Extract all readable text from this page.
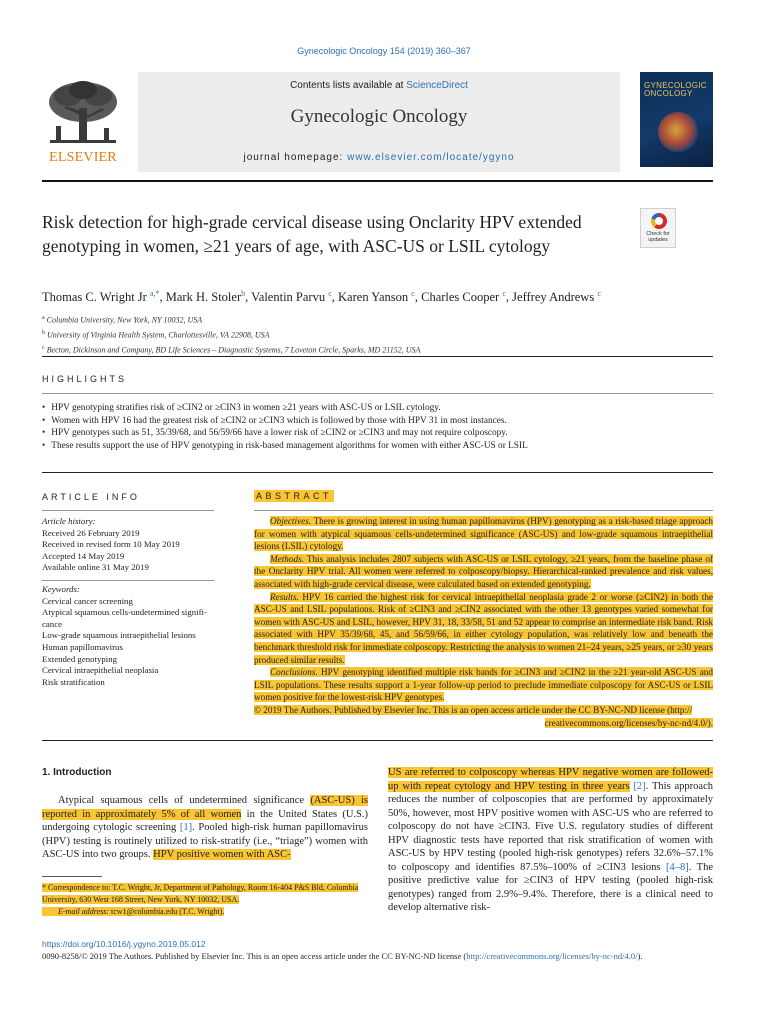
Gynecologic Oncology 154 (2019) 360–367
Contents lists available at ScienceDirect
Gynecologic Oncology
journal homepage: www.elsevier.com/locate/ygyno
ELSEVIER
GYNECOLOGIC ONCOLOGY
Risk detection for high-grade cervical disease using Onclarity HPV extended genotyping in women, ≥21 years of age, with ASC-US or LSIL cytology
Check for updates
Thomas C. Wright Jr $^{a,*}$, Mark H. Stoler$^b$, Valentin Parvu $^c$, Karen Yanson $^c$, Charles Cooper $^c$, Jeffrey Andrews $^c$
$^a$ Columbia University, New York, NY 10032, USA
$^b$ University of Virginia Health System, Charlottesville, VA 22908, USA
$^c$ Becton, Dickinson and Company, BD Life Sciences – Diagnostic Systems, 7 Loveton Circle, Sparks, MD 21152, USA
HIGHLIGHTS
• HPV genotyping stratifies risk of ≥CIN2 or ≥CIN3 in women ≥21 years with ASC-US or LSIL cytology.
• Women with HPV 16 had the greatest risk of ≥CIN2 or ≥CIN3 which is followed by those with HPV 31 in most instances.
• HPV genotypes such as 51, 35/39/68, and 56/59/66 have a lower risk of ≥CIN2 or ≥CIN3 and may not require colposcopy.
• These results support the use of HPV genotyping in risk-based management algorithms for women with either ASC-US or LSIL
ARTICLE INFO
Article history:
Received 26 February 2019
Received in revised form 10 May 2019
Accepted 14 May 2019
Available online 31 May 2019
Keywords:
Cervical cancer screening
Atypical squamous cells-undetermined signifi-cance
Low-grade squamous intraepithelial lesions
Human papillomavirus
Extended genotyping
Cervical intraepithelial neoplasia
Risk stratification
ABSTRACT

Objectives. There is growing interest in using human papillomavirus (HPV) genotyping as a risk-based triage approach for women with atypical squamous cells-undetermined significance (ASC-US) and low-grade squamous intraepithelial lesions (LSIL) cytology.

Methods. This analysis includes 2807 subjects with ASC-US or LSIL cytology, ≥21 years, from the baseline phase of the Onclarity HPV trial. All women were referred to colposcopy/biopsy. Hierarchical-ranked prevalence and risk values, associated with high-grade cervical disease, were calculated based on extended genotyping.

Results. HPV 16 carried the highest risk for cervical intraepithelial neoplasia grade 2 or worse (≥CIN2) in both the ASC-US and LSIL populations. Risk of ≥CIN3 and ≥CIN2 associated with the other 13 genotypes varied somewhat for women with ASC-US and LSIL, however, HPV 31, 18, 33/58, 51 and 52 appear to comprise an intermediate risk band. Risk associated with HPV 35/39/68, 45, and 56/59/66, in either cytology population, was relatively low and beneath the benchmark threshold risk for immediate colposcopy. Restricting the analysis to women 21–24 years, ≥25 years, or ≥30 years produced similar results.

Conclusions. HPV genotyping identified multiple risk bands for ≥CIN3 and ≥CIN2 in the ≥21 year-old ASC-US and LSIL populations. These results support a 1-year follow-up period to preclude immediate colposcopy for ASC-US or LSIL women positive for the lowest-risk HPV genotypes.

© 2019 The Authors. Published by Elsevier Inc. This is an open access article under the CC BY-NC-ND license (http://

creativecommons.org/licenses/by-nc-nd/4.0/).

1. Introduction
Atypical squamous cells of undetermined significance (ASC-US) is reported in approximately 5% of all women in the United States (U.S.) undergoing cytologic screening [1]. Pooled high-risk human papillomavirus (HPV) testing is routinely utilized to risk-stratify (i.e., “triage”) women with ASC-US into two groups. HPV positive women with ASC-
US are referred to colposcopy whereas HPV negative women are followed-up with repeat cytology and HPV testing in three years [2]. This approach reduces the number of colposcopies that are performed by approximately 50%, however, most HPV positive women with ASC-US who are referred to colposcopy do not have ≥CIN3. Five U.S. regulatory studies of different HPV diagnostic tests have reported that risk stratification of women with ASC-US by HPV testing (pooled high-risk genotypes) refers 32.6%–57.1% to colposcopy and identifies 87.5%–100% of ≥CIN3 lesions [4–8]. The positive predictive value for ≥CIN3 of HPV testing (pooled high-risk genotypes) ranged from 2.9%–9.4%. Therefore, there is a clinical need to develop alternative risk-
* Correspondence to: T.C. Wright, Jr, Department of Pathology, Room 16-404 P&S Bld, Columbia University, 630 West 168 Street, New York, NY 10032, USA.
E-mail address: tcw1@columbia.edu (T.C. Wright).
https://doi.org/10.1016/j.ygyno.2019.05.012
0090-8258/© 2019 The Authors. Published by Elsevier Inc. This is an open access article under the CC BY-NC-ND license (http://creativecommons.org/licenses/by-nc-nd/4.0/).
